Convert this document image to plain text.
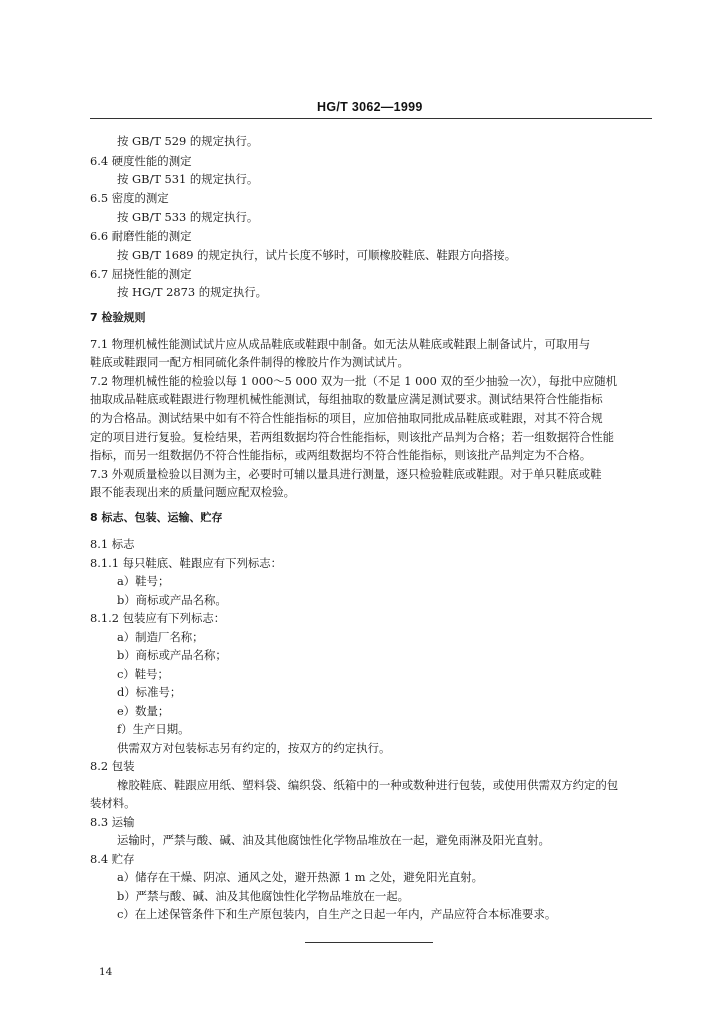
HG/T 3062—1999
按 GB/T 529 的规定执行。
6.4 硬度性能的测定
按 GB/T 531 的规定执行。
6.5 密度的测定
按 GB/T 533 的规定执行。
6.6 耐磨性能的测定
按 GB/T 1689 的规定执行，试片长度不够时，可顺橡胶鞋底、鞋跟方向搭接。
6.7 屈挠性能的测定
按 HG/T 2873 的规定执行。
7 检验规则
7.1 物理机械性能测试试片应从成品鞋底或鞋跟中制备。如无法从鞋底或鞋跟上制备试片，可取用与
鞋底或鞋跟同一配方相同硫化条件制得的橡胶片作为测试试片。
7.2 物理机械性能的检验以每 1 000～5 000 双为一批（不足 1 000 双的至少抽验一次），每批中应随机
抽取成品鞋底或鞋跟进行物理机械性能测试，每组抽取的数量应满足测试要求。测试结果符合性能指标
的为合格品。测试结果中如有不符合性能指标的项目，应加倍抽取同批成品鞋底或鞋跟，对其不符合规
定的项目进行复验。复检结果，若两组数据均符合性能指标，则该批产品判为合格；若一组数据符合性能
指标，而另一组数据仍不符合性能指标，或两组数据均不符合性能指标，则该批产品判定为不合格。
7.3 外观质量检验以目测为主，必要时可辅以量具进行测量，逐只检验鞋底或鞋跟。对于单只鞋底或鞋
跟不能表现出来的质量问题应配双检验。
8 标志、包装、运输、贮存
8.1 标志
8.1.1 每只鞋底、鞋跟应有下列标志：
a）鞋号；
b）商标或产品名称。
8.1.2 包装应有下列标志：
a）制造厂名称；
b）商标或产品名称；
c）鞋号；
d）标准号；
e）数量；
f）生产日期。
供需双方对包装标志另有约定的，按双方的约定执行。
8.2 包装
橡胶鞋底、鞋跟应用纸、塑料袋、编织袋、纸箱中的一种或数种进行包装，或使用供需双方约定的包
装材料。
8.3 运输
运输时，严禁与酸、碱、油及其他腐蚀性化学物品堆放在一起，避免雨淋及阳光直射。
8.4 贮存
a）储存在干燥、阴凉、通风之处，避开热源 1 m 之处，避免阳光直射。
b）严禁与酸、碱、油及其他腐蚀性化学物品堆放在一起。
c）在上述保管条件下和生产原包装内，自生产之日起一年内，产品应符合本标准要求。
14
